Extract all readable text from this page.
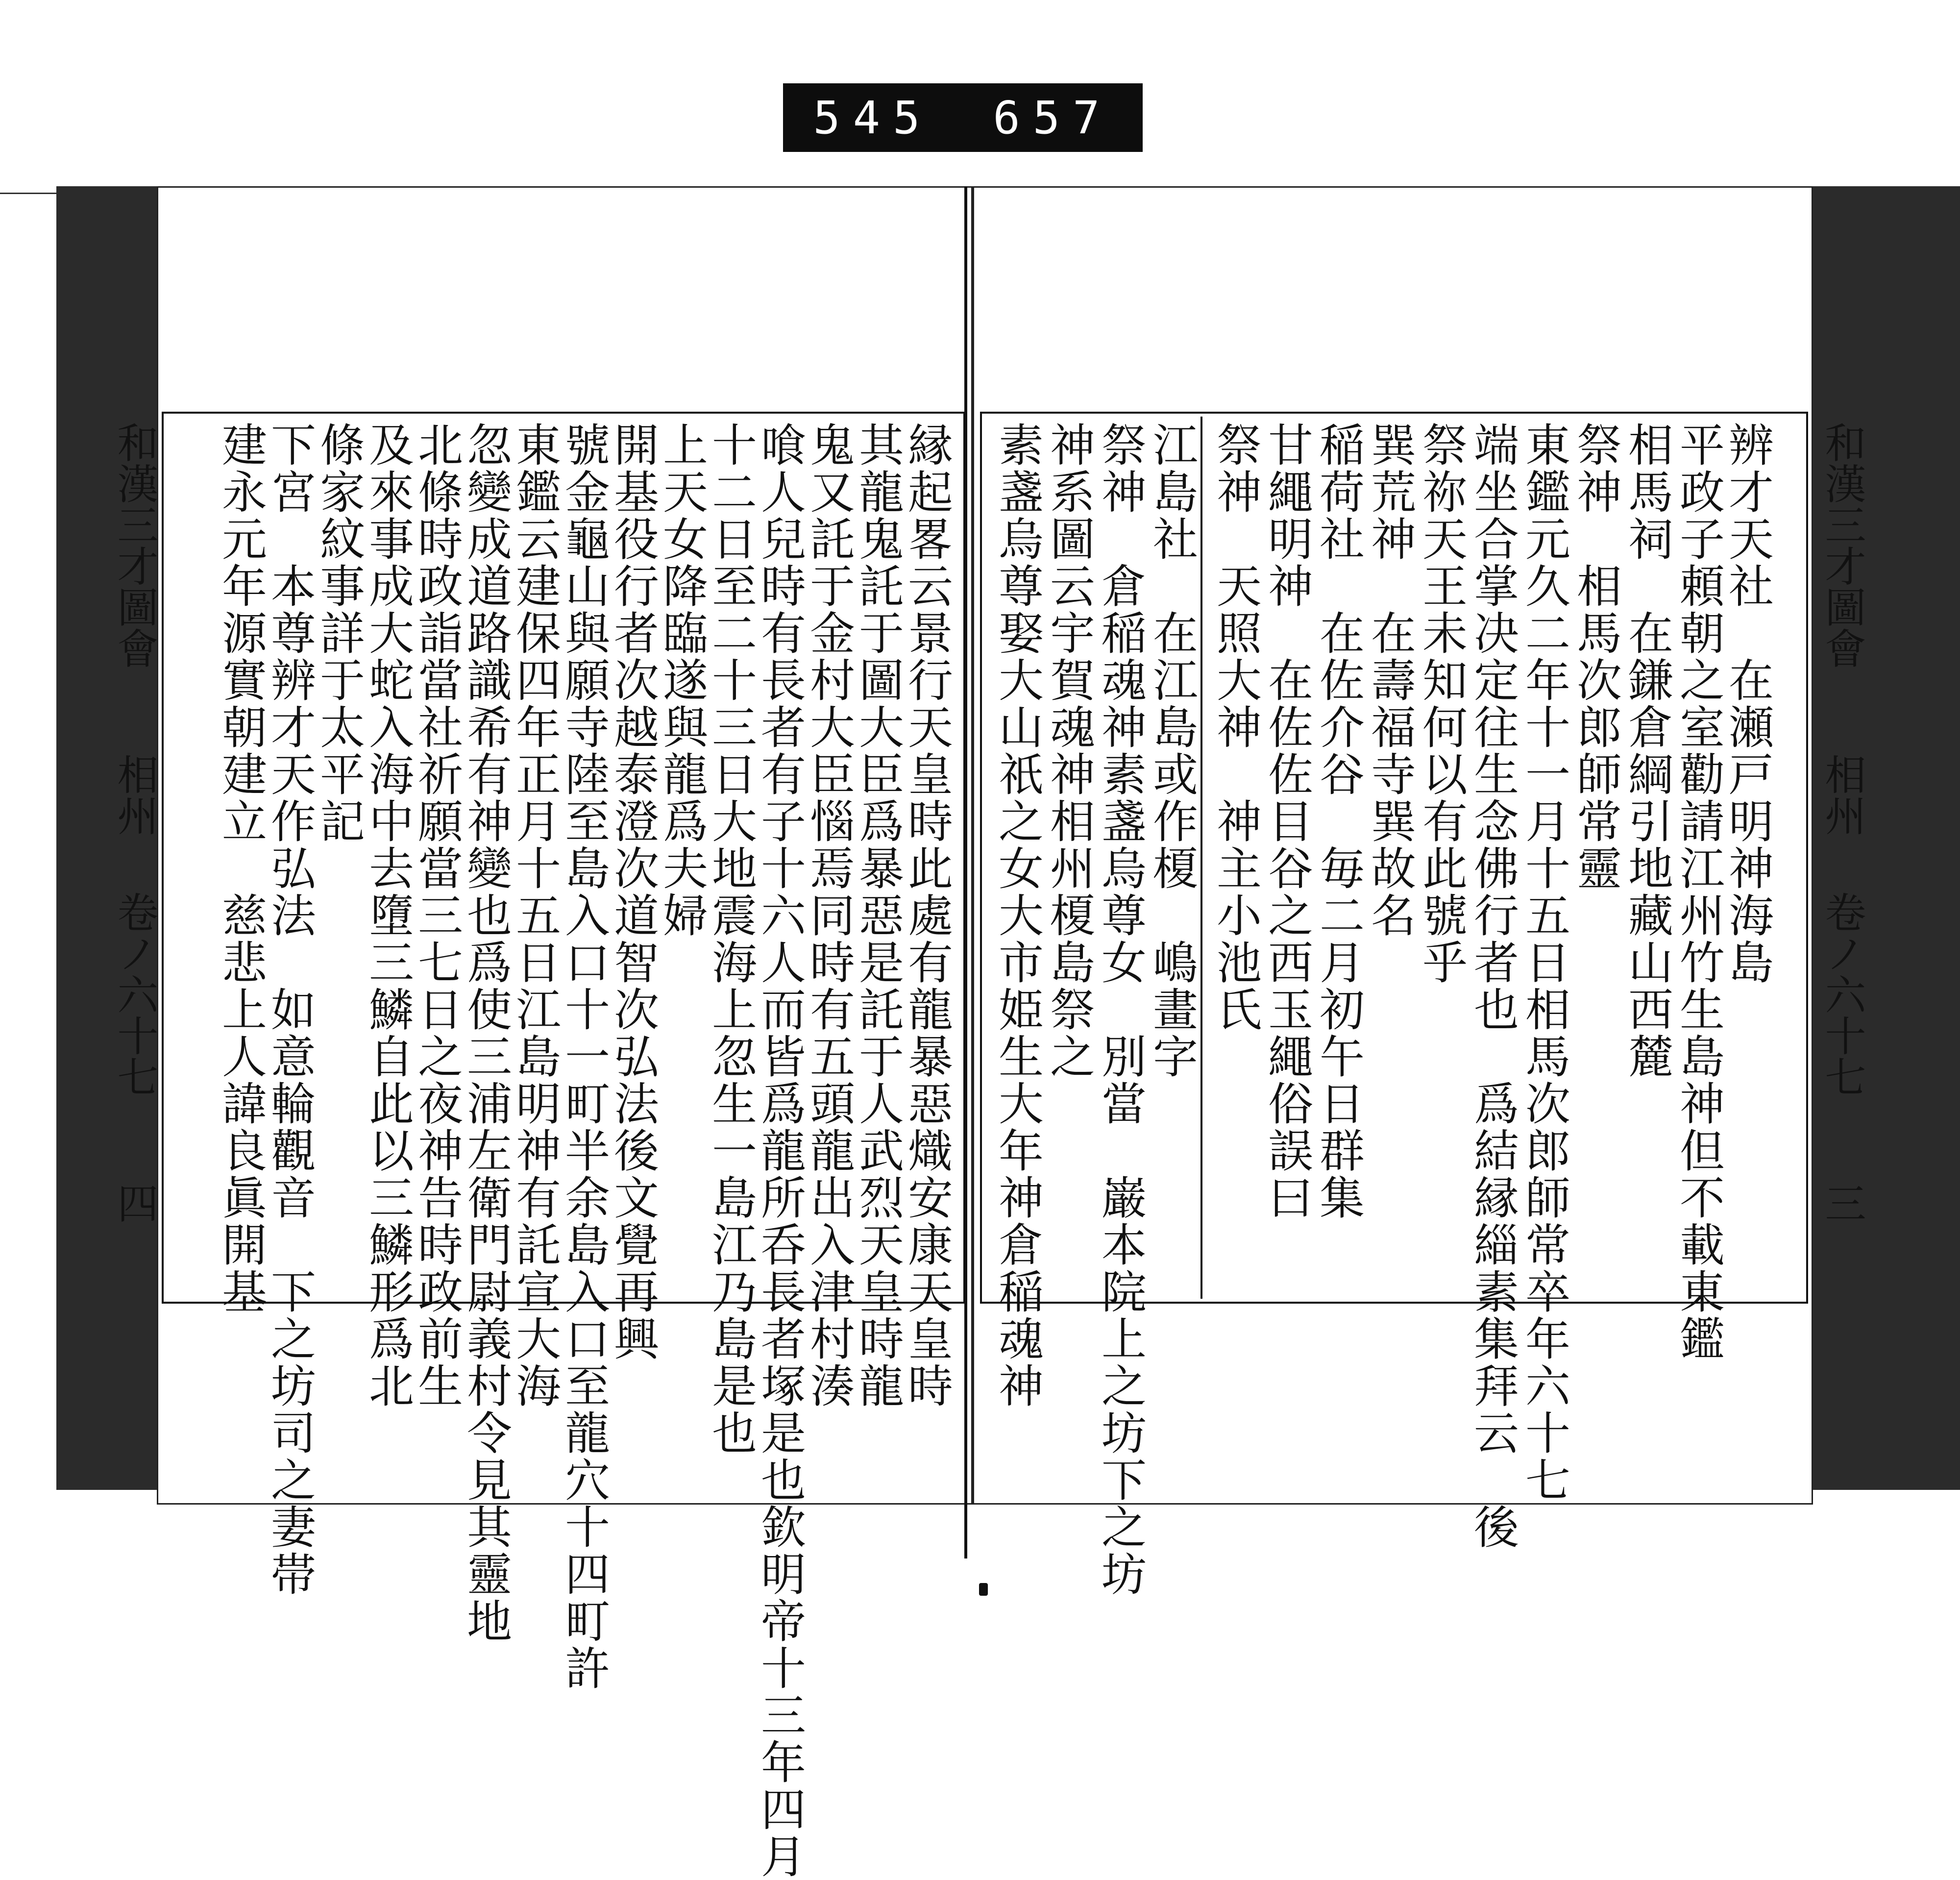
545 657
和漢三才圖會  相州  卷ノ六十七  四
和漢三才圖會  相州  卷ノ六十七  三
辨才天社　在瀬戸明神海島
平政子頼朝之室勸請江州竹生島神但不載東鑑
相馬祠　在鎌倉綱引地藏山西麓
祭神　相馬次郎師常靈
東鑑元久二年十一月十五日相馬次郎師常卒年六十七
端坐合掌决定往生念佛行者也　爲結縁緇素集拜云　後
祭祢天王未知何以有此號乎
巽荒神　在壽福寺巽故名
稲荷社　在佐介谷　毎二月初午日群集
甘繩明神　在佐佐目谷之西玉繩俗誤曰
祭神　天照大神　神主小池氏
江島社　在江島或作榎　嶋畫字
祭神　倉稲魂神素盞烏尊女　別當　巌本院上之坊下之坊
神系圖云宇賀魂神相州榎島祭之
素盞烏尊娶大山祇之女大市姫生大年神倉稲魂神
縁起畧云景行天皇時此處有龍暴惡熾安康天皇時
其龍鬼託于圖大臣爲暴惡是託于人武烈天皇時龍
鬼又託于金村大臣惱焉同時有五頭龍出入津村湊
喰人兒時有長者有子十六人而皆爲龍所呑長者塚是也欽明帝十三年四月
十二日至二十三日大地震海上忽生一島江乃島是也
上天女降臨遂與龍爲夫婦
開基役行者次越泰澄次道智次弘法後文覺再興
號金龜山與願寺陸至島入口十一町半余島入口至龍穴十四町許
東鑑云建保四年正月十五日江島明神有託宣大海
忽變成道路識希有神變也爲使三浦左衛門尉義村令見其靈地
北條時政詣當社祈願當三七日之夜神告時政前生
及來事成大蛇入海中去墮三鱗自此以三鱗形爲北
條家紋事詳于太平記
下宮　本尊辨才天作弘法　如意輪觀音　下之坊司之妻帯
建永元年源實朝建立　慈悲上人諱良眞開基
